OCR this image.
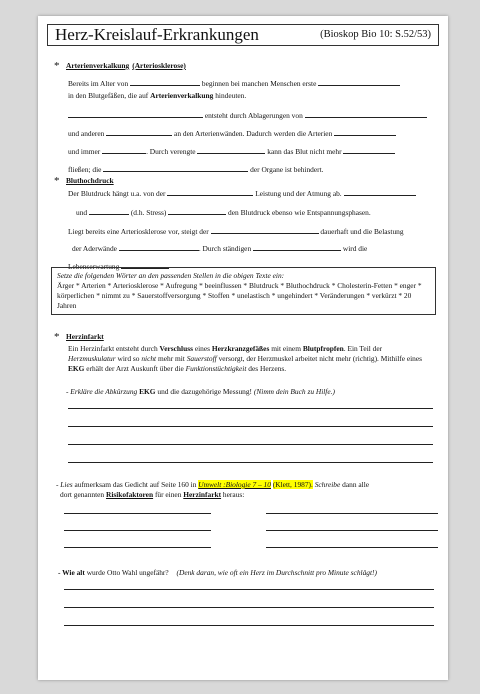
Herz-Kreislauf-Erkrankungen	(Bioskop Bio 10: S.52/53)
* Arterienverkalkung (Arteriosklerose)
Bereits im Alter von	beginnen bei manchen Menschen erste
in den Blutgefäßen, die auf Arterienverkalkung hindeuten.
entsteht durch Ablagerungen von
und anderen	an den Arterienwänden. Dadurch werden die Arterien
und immer	. Durch verengte	kann das Blut nicht mehr
fließen; die	der Organe ist behindert.
* Bluthochdruck
Der Blutdruck hängt u.a. von der	Leistung und der Atmung ab.
und	(d.h. Stress)	den Blutdruck ebenso wie Entspannungsphasen.
Liegt bereits eine Arteriosklerose vor, steigt der	dauerhaft und die Belastung
der Aderwände	. Durch ständigen	wird die
Lebenserwartung
Setze die folgenden Wörter an den passenden Stellen in die obigen Texte ein:
Ärger * Arterien * Arteriosklerose * Aufregung * beeinflussen * Blutdruck * Bluthochdruck * Cholesterin-Fetten * enger * körperlichen * nimmt zu * Sauerstoffversorgung * Stoffen * unelastisch * ungehindert * Veränderungen * verkürzt * 20 Jahren
* Herzinfarkt
Ein Herzinfarkt entsteht durch Verschluss eines Herzkranzgefäßes mit einem Blutpfropfen. Ein Teil der Herzmuskulatur wird so nicht mehr mit Sauerstoff versorgt, der Herzmuskel arbeitet nicht mehr (richtig). Mithilfe eines EKG erhält der Arzt Auskunft über die Funktionstüchtigkeit des Herzens.
- Erkläre die Abkürzung EKG und die dazugehörige Messung! (Nimm dein Buch zu Hilfe.)
- Lies aufmerksam das Gedicht auf Seite 160 in Umwelt :Biologie 7 – 10 (Klett, 1987). Schreibe dann alle
dort genannten Risikofaktoren für einen Herzinfarkt heraus:
- Wie alt wurde Otto Wahl ungefähr? (Denk daran, wie oft ein Herz im Durchschnitt pro Minute schlägt!)
